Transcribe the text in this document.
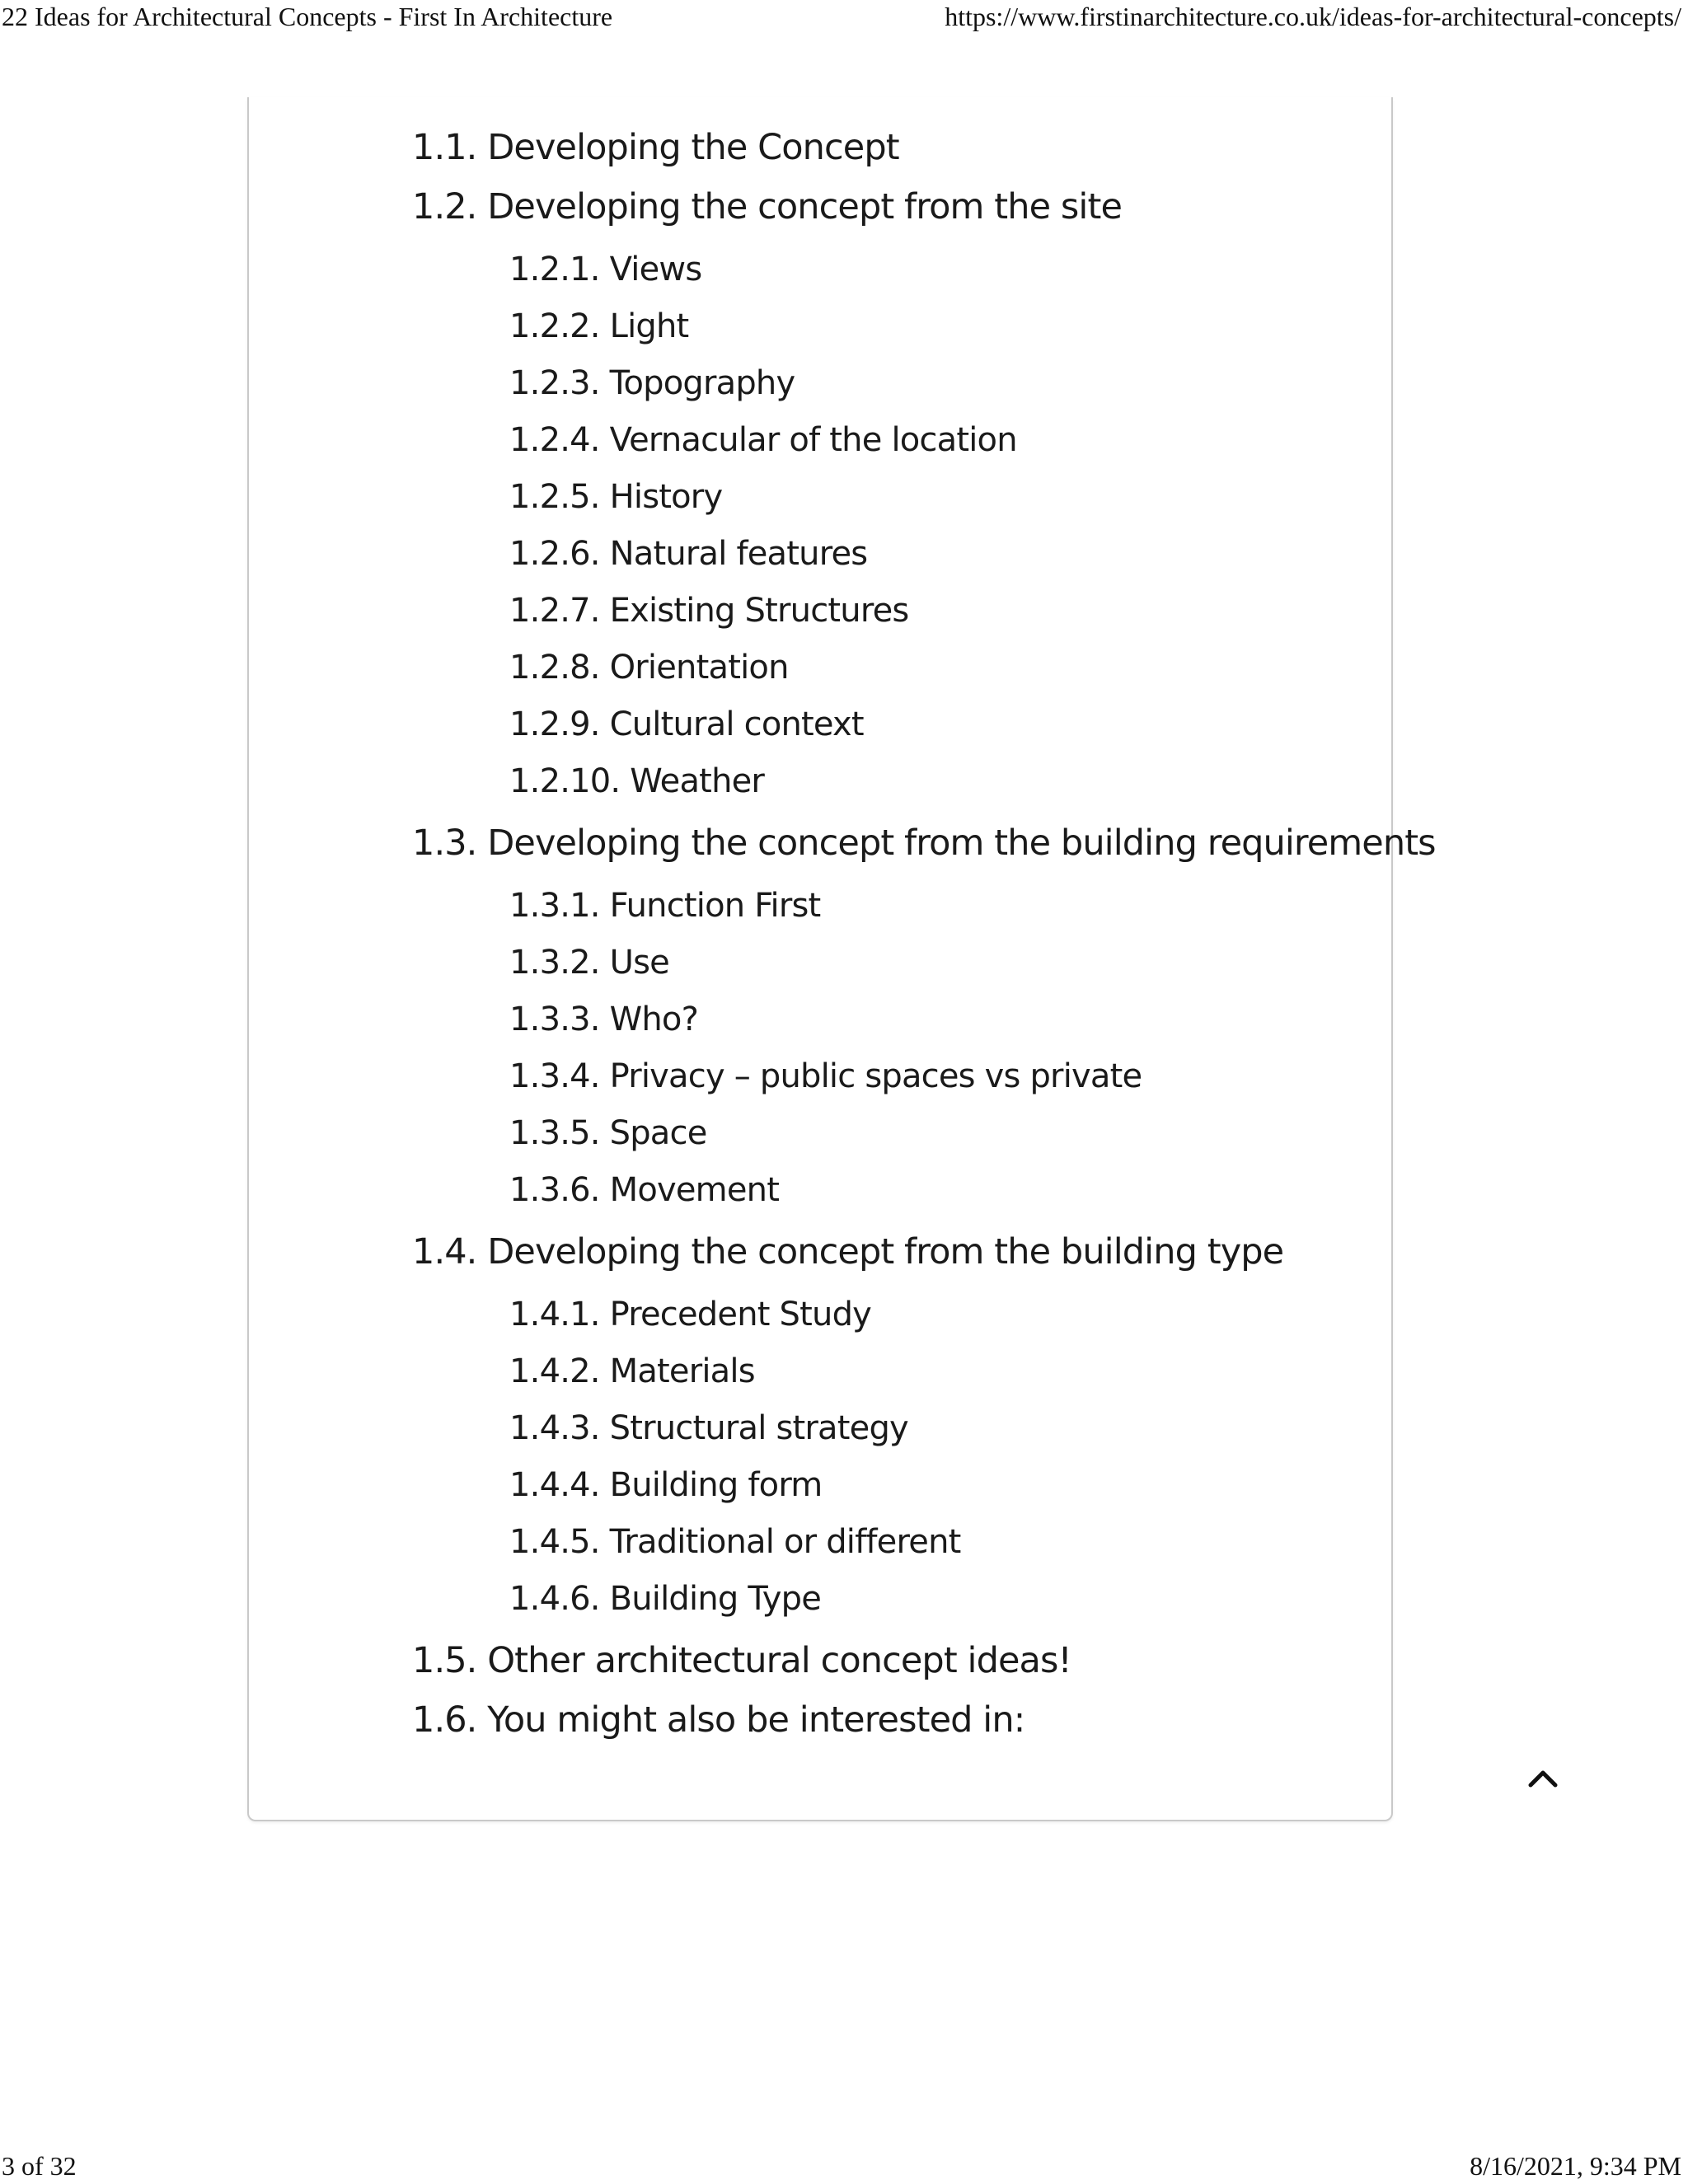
22 Ideas for Architectural Concepts - First In Architecture	https://www.firstinarchitecture.co.uk/ideas-for-architectural-concepts/
1.1. Developing the Concept
1.2. Developing the concept from the site
1.2.1. Views
1.2.2. Light
1.2.3. Topography
1.2.4. Vernacular of the location
1.2.5. History
1.2.6. Natural features
1.2.7. Existing Structures
1.2.8. Orientation
1.2.9. Cultural context
1.2.10. Weather
1.3. Developing the concept from the building requirements
1.3.1. Function First
1.3.2. Use
1.3.3. Who?
1.3.4. Privacy – public spaces vs private
1.3.5. Space
1.3.6. Movement
1.4. Developing the concept from the building type
1.4.1. Precedent Study
1.4.2. Materials
1.4.3. Structural strategy
1.4.4. Building form
1.4.5. Traditional or different
1.4.6. Building Type
1.5. Other architectural concept ideas!
1.6. You might also be interested in:
3 of 32	8/16/2021, 9:34 PM
